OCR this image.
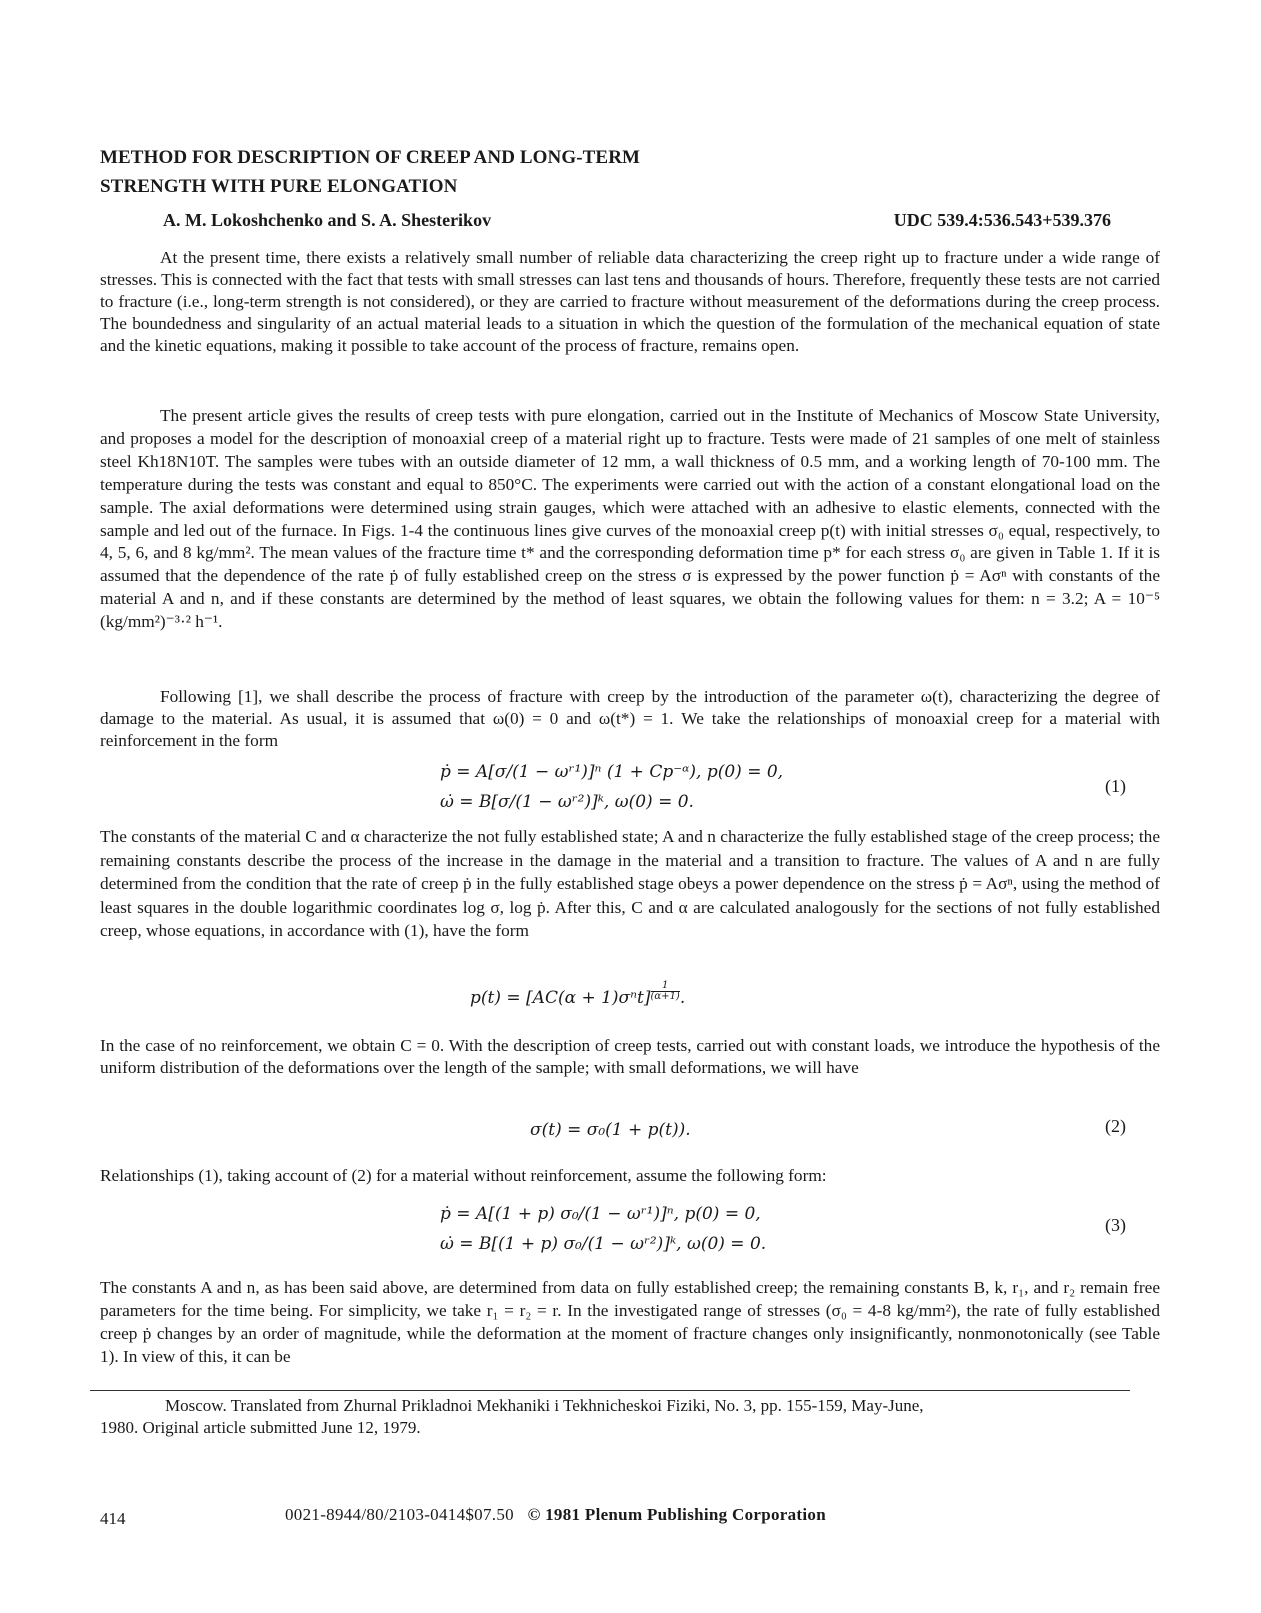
METHOD FOR DESCRIPTION OF CREEP AND LONG-TERM
STRENGTH WITH PURE ELONGATION
A. M. Lokoshchenko and S. A. Shesterikov	UDC 539.4:536.543+539.376

At the present time, there exists a relatively small number of reliable data characterizing the creep right up to fracture under a wide range of stresses. This is connected with the fact that tests with small stresses can last tens and thousands of hours. Therefore, frequently these tests are not carried to fracture (i.e., long-term strength is not considered), or they are carried to fracture without measurement of the deformations during the creep process. The boundedness and singularity of an actual material leads to a situation in which the question of the formulation of the mechanical equation of state and the kinetic equations, making it possible to take account of the process of fracture, remains open.

The present article gives the results of creep tests with pure elongation, carried out in the Institute of Mechanics of Moscow State University, and proposes a model for the description of monoaxial creep of a material right up to fracture. Tests were made of 21 samples of one melt of stainless steel Kh18N10T. The samples were tubes with an outside diameter of 12 mm, a wall thickness of 0.5 mm, and a working length of 70-100 mm. The temperature during the tests was constant and equal to 850°C. The experiments were carried out with the action of a constant elongational load on the sample. The axial deformations were determined using strain gauges, which were attached with an adhesive to elastic elements, connected with the sample and led out of the furnace. In Figs. 1-4 the continuous lines give curves of the monoaxial creep p(t) with initial stresses σ₀ equal, respectively, to 4, 5, 6, and 8 kg/mm². The mean values of the fracture time t* and the corresponding deformation time p* for each stress σ₀ are given in Table 1. If it is assumed that the dependence of the rate ṗ of fully established creep on the stress σ is expressed by the power function ṗ = Aσⁿ with constants of the material A and n, and if these constants are determined by the method of least squares, we obtain the following values for them: n = 3.2; A = 10⁻⁵ (kg/mm²)⁻³·² h⁻¹.

Following [1], we shall describe the process of fracture with creep by the introduction of the parameter ω(t), characterizing the degree of damage to the material. As usual, it is assumed that ω(0) = 0 and ω(t*) = 1. We take the relationships of monoaxial creep for a material with reinforcement in the form

ṗ = A[σ/(1 − ωʳ¹)]ⁿ (1 + Cp⁻ᵅ), p(0) = 0,
ω̇ = B[σ/(1 − ωʳ²)]ᵏ, ω(0) = 0.
(1)

The constants of the material C and α characterize the not fully established state; A and n characterize the fully established stage of the creep process; the remaining constants describe the process of the increase in the damage in the material and a transition to fracture. The values of A and n are fully determined from the condition that the rate of creep ṗ in the fully established stage obeys a power dependence on the stress ṗ = Aσⁿ, using the method of least squares in the double logarithmic coordinates log σ, log ṗ. After this, C and α are calculated analogously for the sections of not fully established creep, whose equations, in accordance with (1), have the form

$p(t) = [AC(\alpha + 1)\sigma^nt] \frac{1}{(\alpha+1)}$ .

In the case of no reinforcement, we obtain C = 0. With the description of creep tests, carried out with constant loads, we introduce the hypothesis of the uniform distribution of the deformations over the length of the sample; with small deformations, we will have

σ(t) = σ₀(1 + p(t)).	(2)

Relationships (1), taking account of (2) for a material without reinforcement, assume the following form:

ṗ = A[(1 + p) σ₀/(1 − ωʳ¹)]ⁿ, p(0) = 0,
ω̇ = B[(1 + p) σ₀/(1 − ωʳ²)]ᵏ, ω(0) = 0.
(3)

The constants A and n, as has been said above, are determined from data on fully established creep; the remaining constants B, k, r₁, and r₂ remain free parameters for the time being. For simplicity, we take r₁ = r₂ = r. In the investigated range of stresses (σ₀ = 4-8 kg/mm²), the rate of fully established creep ṗ changes by an order of magnitude, while the deformation at the moment of fracture changes only insignificantly, nonmonotonically (see Table 1). In view of this, it can be

Moscow. Translated from Zhurnal Prikladnoi Mekhaniki i Tekhnicheskoi Fiziki, No. 3, pp. 155-159, May-June,
1980. Original article submitted June 12, 1979.
414	0021-8944/80/2103-0414$07.50 © 1981 Plenum Publishing Corporation
